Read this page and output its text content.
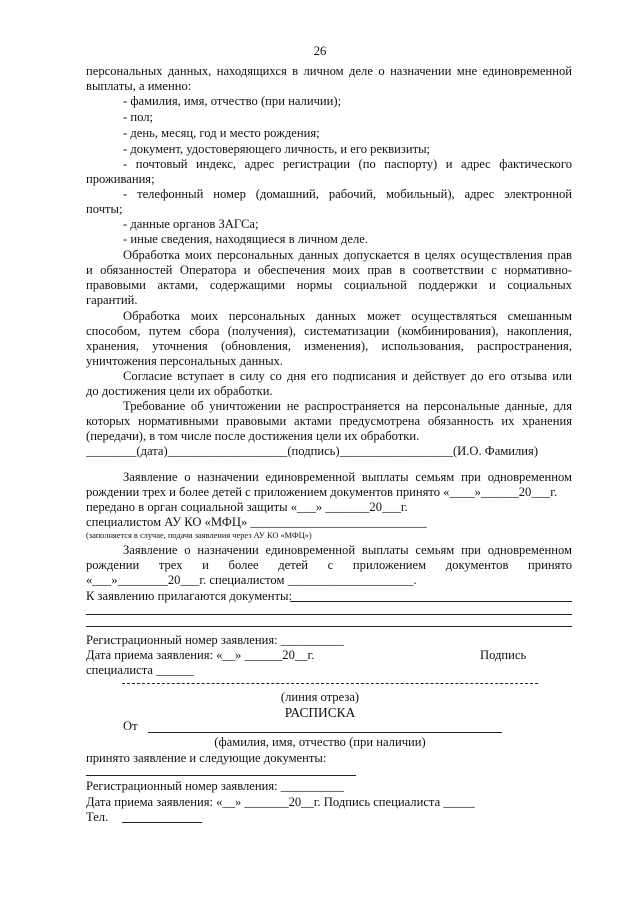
26
персональных данных, находящихся в личном деле о назначении мне единовременной
выплаты, а именно:
- фамилия, имя, отчество (при наличии);
- пол;
- день, месяц, год и место рождения;
- документ, удостоверяющего личность, и его реквизиты;
- почтовый индекс, адрес регистрации (по паспорту) и адрес фактического
проживания;
- телефонный номер (домашний, рабочий, мобильный), адрес электронной
почты;
- данные органов ЗАГСа;
- иные сведения, находящиеся в личном деле.
Обработка моих персональных данных допускается в целях осуществления прав
и обязанностей Оператора и обеспечения моих прав в соответствии с нормативно-
правовыми актами, содержащими нормы социальной поддержки и социальных
гарантий.
Обработка моих персональных данных может осуществляться смешанным
способом, путем сбора (получения), систематизации (комбинирования), накопления,
хранения, уточнения (обновления, изменения), использования, распространения,
уничтожения персональных данных.
Согласие вступает в силу со дня его подписания и действует до его отзыва или
до достижения цели их обработки.
Требование об уничтожении не распространяется на персональные данные, для
которых нормативными правовыми актами предусмотрена обязанность их хранения
(передачи), в том числе после достижения цели их обработки.
________(дата)___________________(подпись)__________________(И.О. Фамилия)
Заявление о назначении единовременной выплаты семьям при одновременном
рождении трех и более детей с приложением документов принято «____»______20___г.
передано в орган социальной защиты «___» _______20___г.
специалистом АУ КО «МФЦ» ____________________________
(заполняется в случае, подачи заявления через АУ КО «МФЦ»)
Заявление о назначении единовременной выплаты семьям при одновременном
рождении трех и более детей с приложением документов принято
«___»________20___г. специалистом ____________________.
К заявлению прилагаются документы:
Регистрационный номер заявления: __________
Дата приема заявления: «__» ______20__г.	Подпись
специалиста ______
(линия отреза)
РАСПИСКА
От
(фамилия, имя, отчество (при наличии)
принято заявление и следующие документы:
Регистрационный номер заявления: __________
Дата приема заявления: «__» _______20__г. Подпись специалиста _____
Тел.
